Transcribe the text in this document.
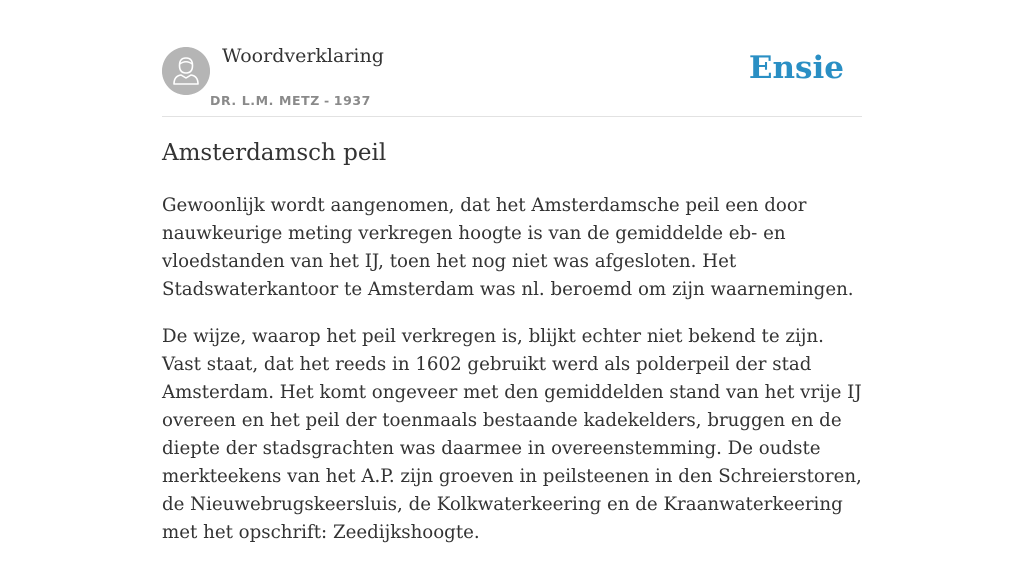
Woordverklaring
DR. L.M. METZ - 1937
Ensie
Amsterdamsch peil

Gewoonlijk wordt aangenomen, dat het Amsterdamsche peil een door nauwkeurige meting verkregen hoogte is van de gemiddelde eb- en vloedstanden van het IJ, toen het nog niet was afgesloten. Het Stadswaterkantoor te Amsterdam was nl. beroemd om zijn waarnemingen.

De wijze, waarop het peil verkregen is, blijkt echter niet bekend te zijn. Vast staat, dat het reeds in 1602 gebruikt werd als polderpeil der stad Amsterdam. Het komt ongeveer met den gemiddelden stand van het vrije IJ overeen en het peil der toenmaals bestaande kadekelders, bruggen en de diepte der stadsgrachten was daarmee in overeenstemming. De oudste merkteekens van het A.P. zijn groeven in peilsteenen in den Schreierstoren, de Nieuwebrugskeersluis, de Kolkwaterkeering en de Kraanwaterkeering met het opschrift: Zeedijkshoogte.
